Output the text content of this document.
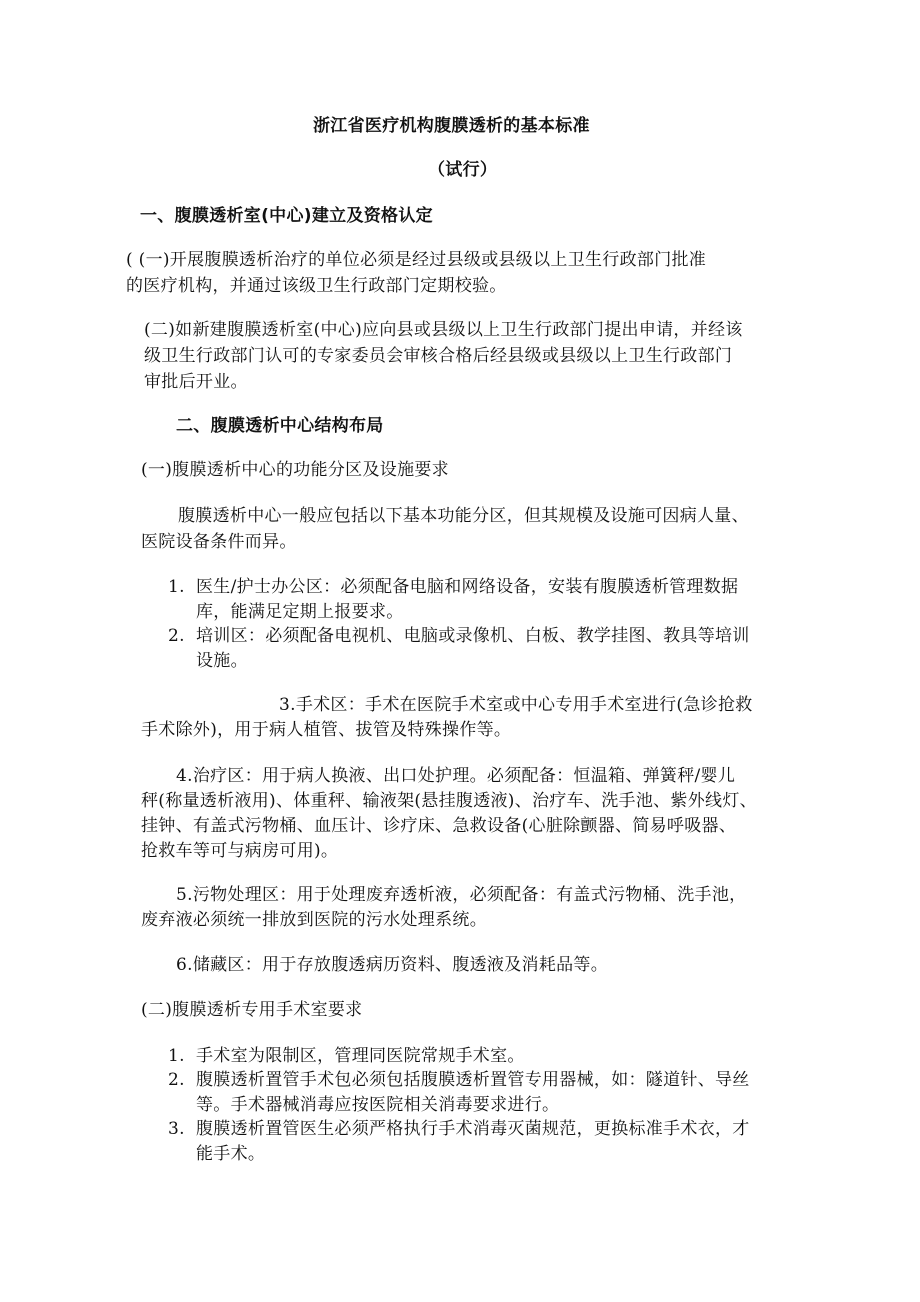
浙江省医疗机构腹膜透析的基本标准
（试行）
一、腹膜透析室(中心)建立及资格认定
( (一)开展腹膜透析治疗的单位必须是经过县级或县级以上卫生行政部门批准
的医疗机构，并通过该级卫生行政部门定期校验。
(二)如新建腹膜透析室(中心)应向县或县级以上卫生行政部门提出申请，并经该
级卫生行政部门认可的专家委员会审核合格后经县级或县级以上卫生行政部门
审批后开业。
二、腹膜透析中心结构布局
(一)腹膜透析中心的功能分区及设施要求
腹膜透析中心一般应包括以下基本功能分区，但其规模及设施可因病人量、
医院设备条件而异。
1. 医生/护士办公区：必须配备电脑和网络设备，安装有腹膜透析管理数据
库，能满足定期上报要求。
2. 培训区：必须配备电视机、电脑或录像机、白板、教学挂图、教具等培训
设施。
3.手术区：手术在医院手术室或中心专用手术室进行(急诊抢救
手术除外)，用于病人植管、拔管及特殊操作等。
4.治疗区：用于病人换液、出口处护理。必须配备：恒温箱、弹簧秤/婴儿
秤(称量透析液用)、体重秤、输液架(悬挂腹透液)、治疗车、洗手池、紫外线灯、
挂钟、有盖式污物桶、血压计、诊疗床、急救设备(心脏除颤器、简易呼吸器、
抢救车等可与病房可用)。
5.污物处理区：用于处理废弃透析液，必须配备：有盖式污物桶、洗手池，
废弃液必须统一排放到医院的污水处理系统。
6.储藏区：用于存放腹透病历资料、腹透液及消耗品等。
(二)腹膜透析专用手术室要求
1. 手术室为限制区，管理同医院常规手术室。
2. 腹膜透析置管手术包必须包括腹膜透析置管专用器械，如：隧道针、导丝
等。手术器械消毒应按医院相关消毒要求进行。
3. 腹膜透析置管医生必须严格执行手术消毒灭菌规范，更换标准手术衣，才
能手术。
